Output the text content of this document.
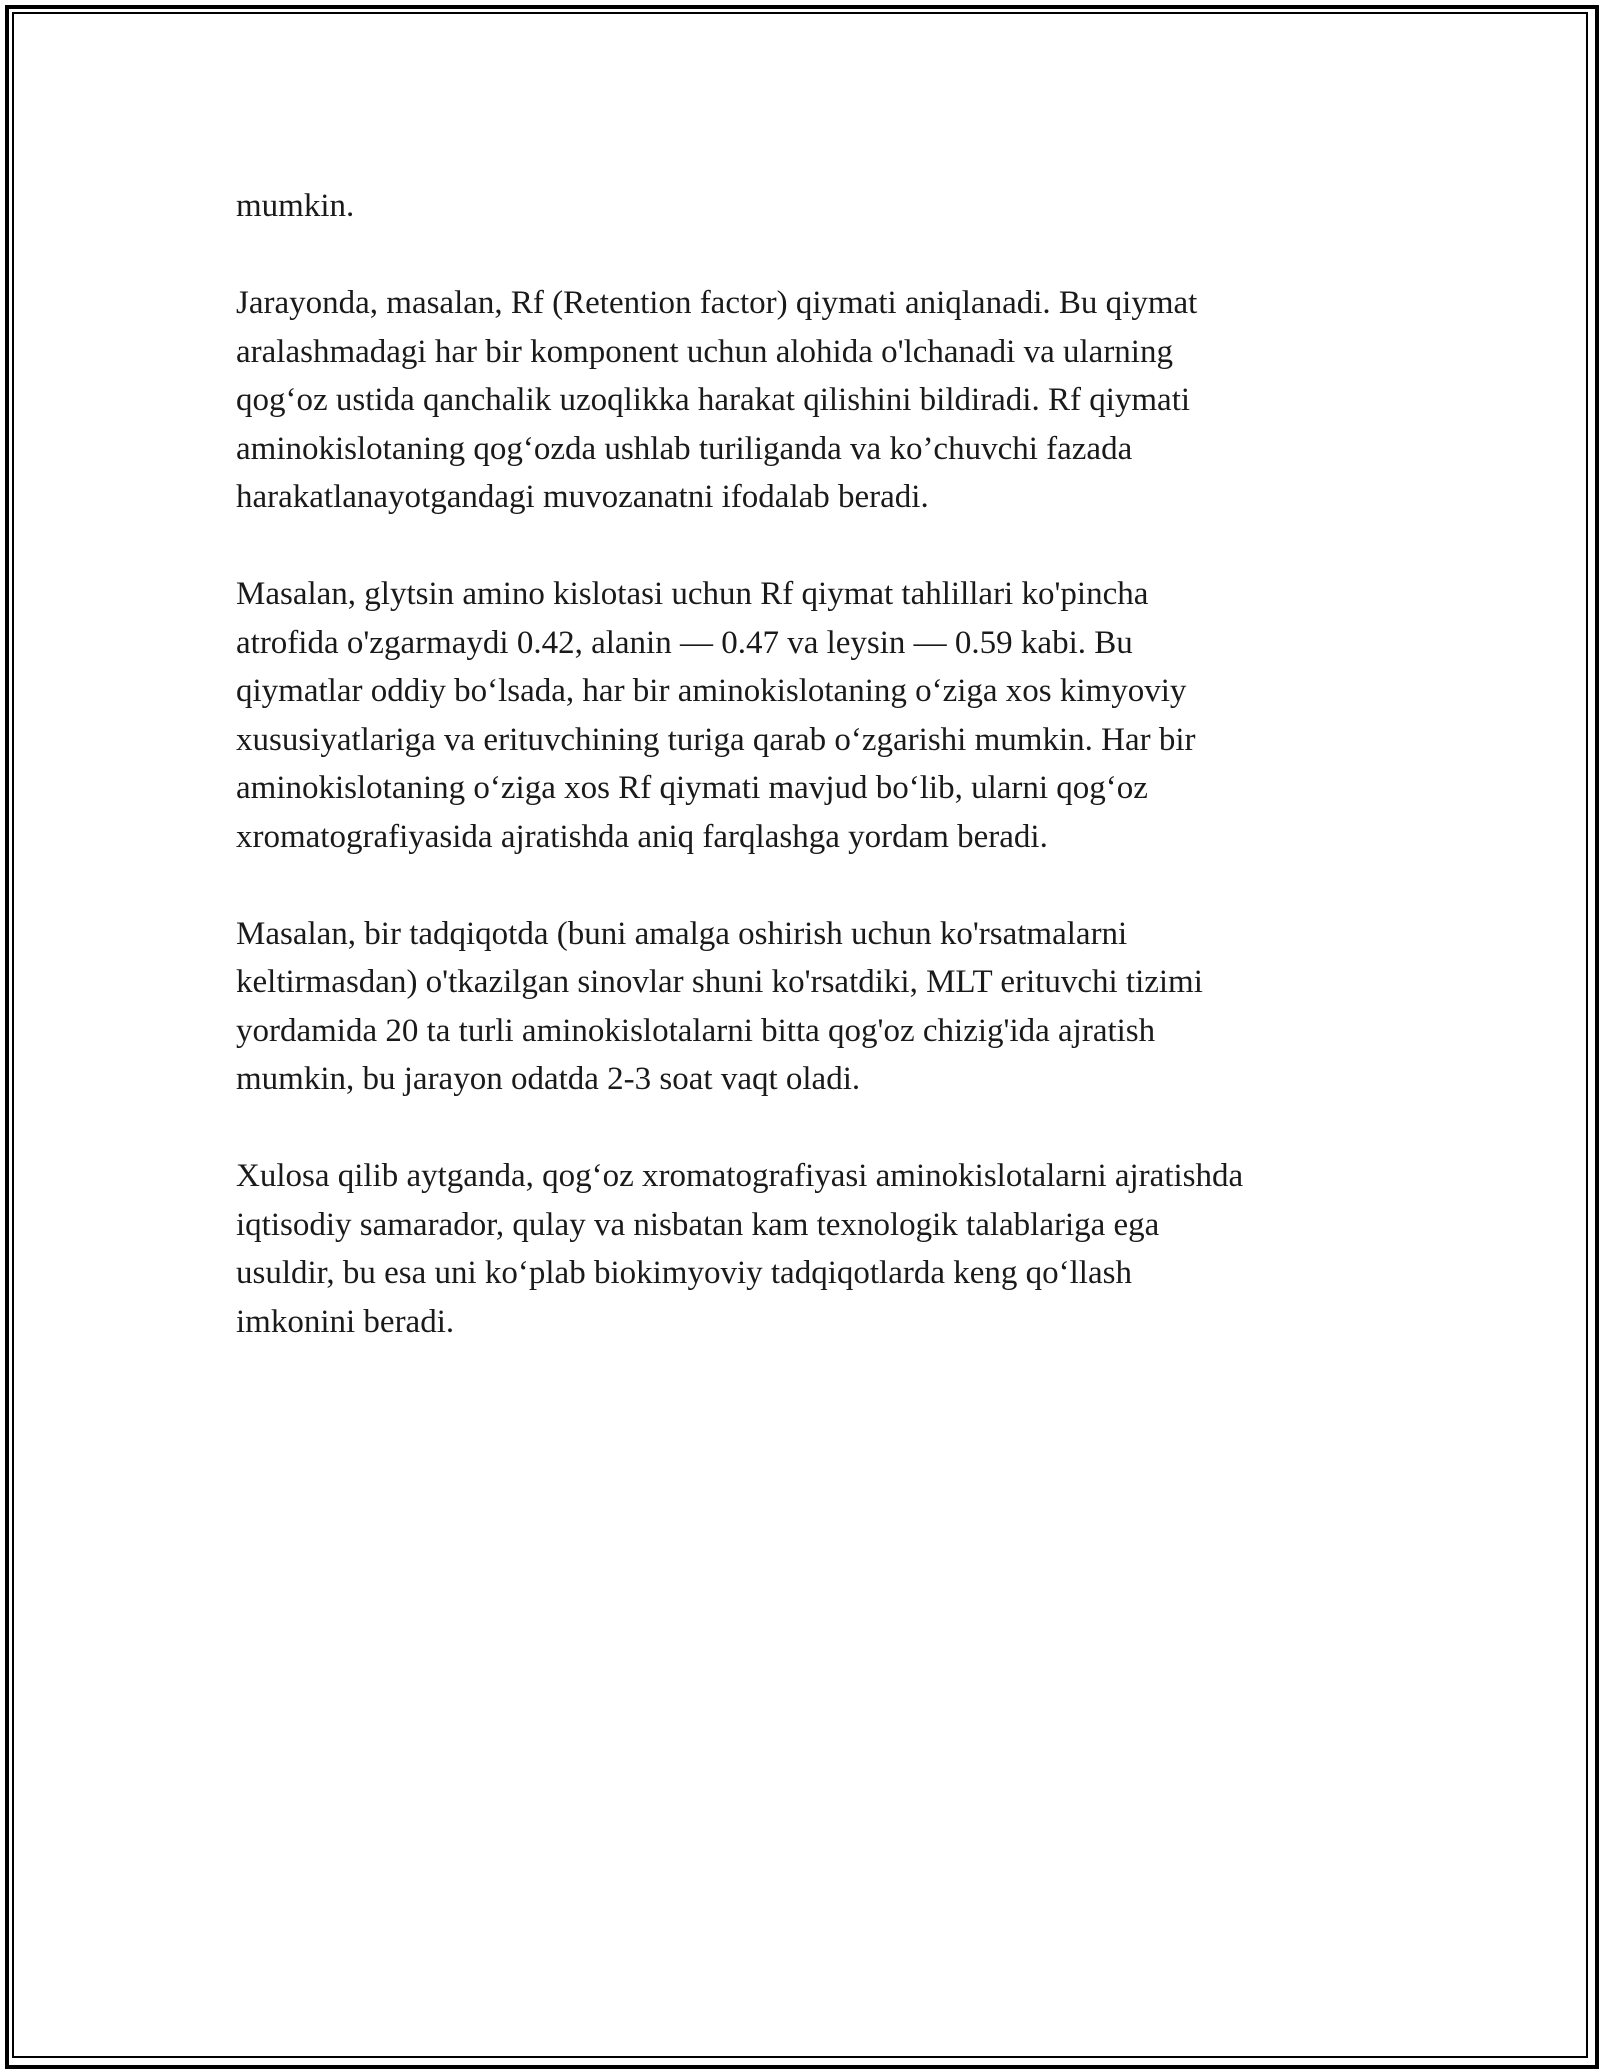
mumkin.

Jarayonda, masalan, Rf (Retention factor) qiymati aniqlanadi. Bu qiymat
aralashmadagi har bir komponent uchun alohida o'lchanadi va ularning
qog‘oz ustida qanchalik uzoqlikka harakat qilishini bildiradi. Rf qiymati
aminokislotaning qog‘ozda ushlab turiliganda va ko’chuvchi fazada
harakatlanayotgandagi muvozanatni ifodalab beradi.

Masalan, glytsin amino kislotasi uchun Rf qiymat tahlillari ko'pincha
atrofida o'zgarmaydi 0.42, alanin — 0.47 va leysin — 0.59 kabi. Bu
qiymatlar oddiy bo‘lsada, har bir aminokislotaning o‘ziga xos kimyoviy
xususiyatlariga va erituvchining turiga qarab o‘zgarishi mumkin. Har bir
aminokislotaning o‘ziga xos Rf qiymati mavjud bo‘lib, ularni qog‘oz
xromatografiyasida ajratishda aniq farqlashga yordam beradi.

Masalan, bir tadqiqotda (buni amalga oshirish uchun ko'rsatmalarni
keltirmasdan) o'tkazilgan sinovlar shuni ko'rsatdiki, MLT erituvchi tizimi
yordamida 20 ta turli aminokislotalarni bitta qog'oz chizig'ida ajratish
mumkin, bu jarayon odatda 2-3 soat vaqt oladi.

Xulosa qilib aytganda, qog‘oz xromatografiyasi aminokislotalarni ajratishda
iqtisodiy samarador, qulay va nisbatan kam texnologik talablariga ega
usuldir, bu esa uni ko‘plab biokimyoviy tadqiqotlarda keng qo‘llash
imkonini beradi.
